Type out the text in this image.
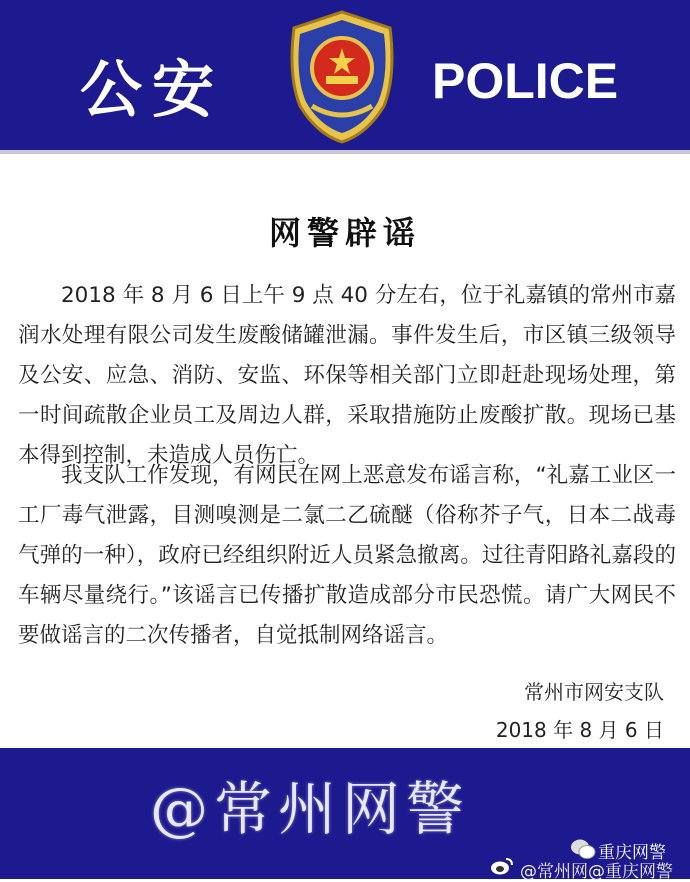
公安	POLICE
网警辟谣
2018 年 8 月 6 日上午 9 点 40 分左右，位于礼嘉镇的常州市嘉润水处理有限公司发生废酸储罐泄漏。事件发生后，市区镇三级领导及公安、应急、消防、安监、环保等相关部门立即赶赴现场处理，第一时间疏散企业员工及周边人群，采取措施防止废酸扩散。现场已基本得到控制，未造成人员伤亡。
我支队工作发现，有网民在网上恶意发布谣言称，“礼嘉工业区一工厂毒气泄露，目测嗅测是二氯二乙硫醚（俗称芥子气，日本二战毒气弹的一种），政府已经组织附近人员紧急撤离。过往青阳路礼嘉段的车辆尽量绕行。”该谣言已传播扩散造成部分市民恐慌。请广大网民不要做谣言的二次传播者，自觉抵制网络谣言。
常州市网安支队
2018 年 8 月 6 日
@常州网警
重庆网警
@常州网@重庆网警
